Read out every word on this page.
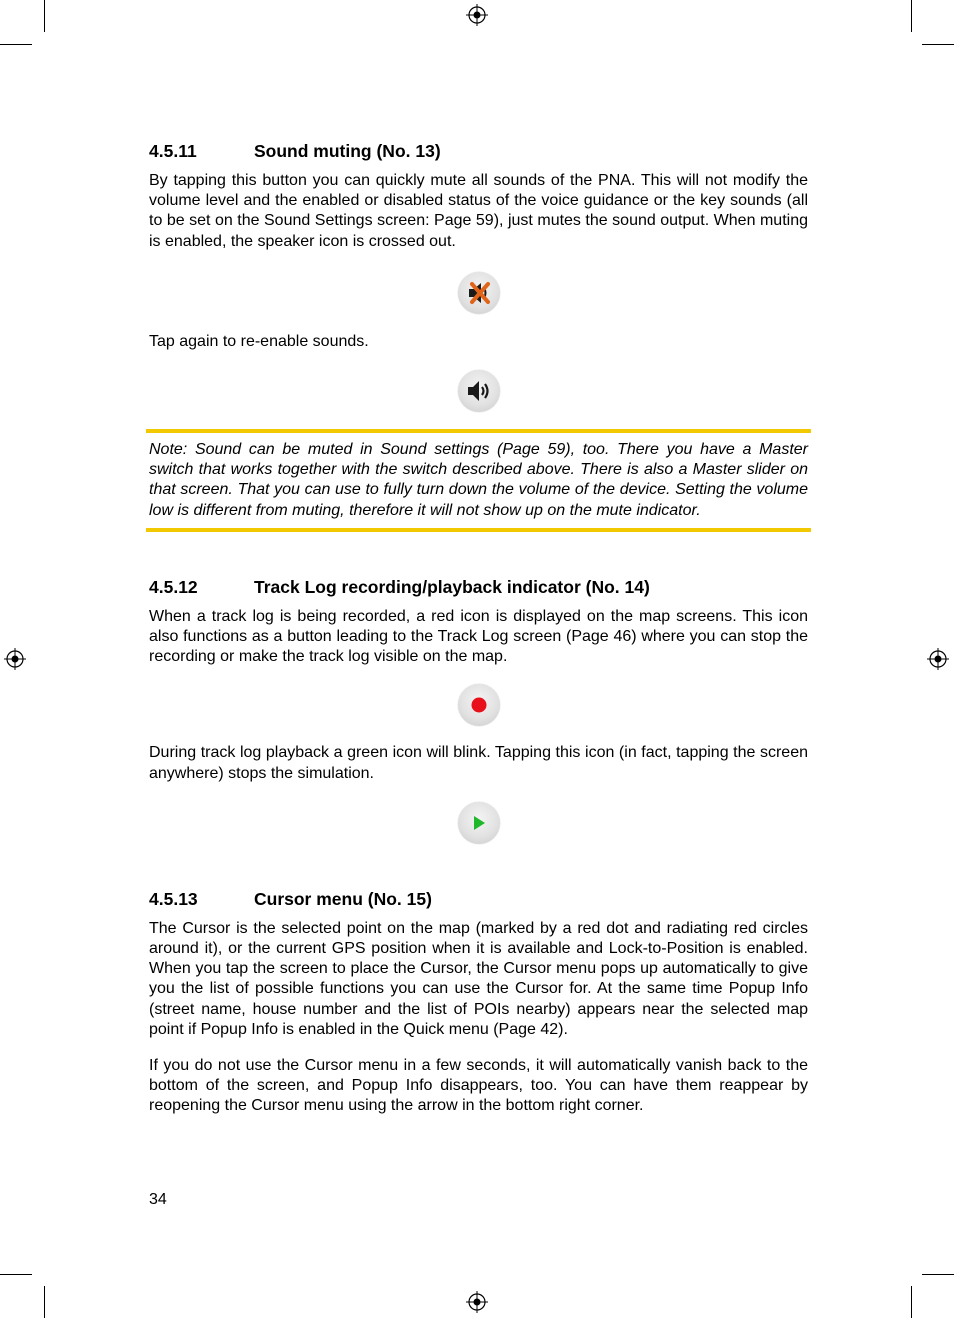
4.5.11	Sound muting (No. 13)

By tapping this button you can quickly mute all sounds of the PNA. This will not modify the volume level and the enabled or disabled status of the voice guidance or the key sounds (all to be set on the Sound Settings screen: Page 59), just mutes the sound output. When muting is enabled, the speaker icon is crossed out.

Tap again to re-enable sounds.

Note: Sound can be muted in Sound settings (Page 59), too. There you have a Master switch that works together with the switch described above. There is also a Master slider on that screen. That you can use to fully turn down the volume of the device. Setting the volume low is different from muting, therefore it will not show up on the mute indicator.

4.5.12	Track Log recording/playback indicator (No. 14)

When a track log is being recorded, a red icon is displayed on the map screens. This icon also functions as a button leading to the Track Log screen (Page 46) where you can stop the recording or make the track log visible on the map.

During track log playback a green icon will blink. Tapping this icon (in fact, tapping the screen anywhere) stops the simulation.

4.5.13	Cursor menu (No. 15)

The Cursor is the selected point on the map (marked by a red dot and radiating red circles around it), or the current GPS position when it is available and Lock-to-Position is enabled. When you tap the screen to place the Cursor, the Cursor menu pops up automatically to give you the list of possible functions you can use the Cursor for. At the same time Popup Info (street name, house number and the list of POIs nearby) appears near the selected map point if Popup Info is enabled in the Quick menu (Page 42).

If you do not use the Cursor menu in a few seconds, it will automatically vanish back to the bottom of the screen, and Popup Info disappears, too. You can have them reappear by reopening the Cursor menu using the arrow in the bottom right corner.

34
